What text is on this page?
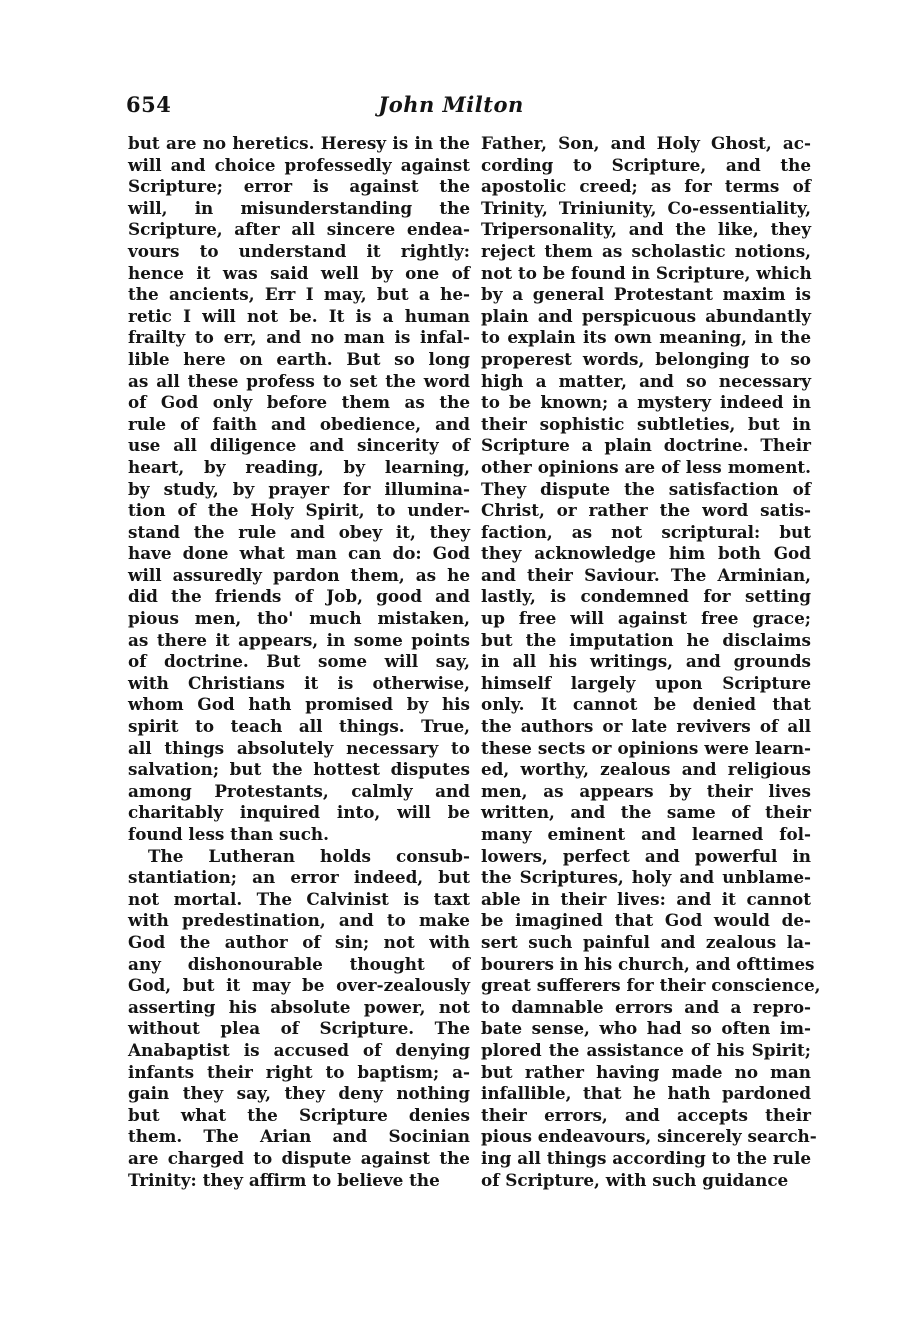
654	John Milton
but are no heretics. Heresy is in the
will and choice professedly against
Scripture; error is against the
will, in misunderstanding the
Scripture, after all sincere endea-
vours to understand it rightly:
hence it was said well by one of
the ancients, Err I may, but a he-
retic I will not be. It is a human
frailty to err, and no man is infal-
lible here on earth. But so long
as all these profess to set the word
of God only before them as the
rule of faith and obedience, and
use all diligence and sincerity of
heart, by reading, by learning,
by study, by prayer for illumina-
tion of the Holy Spirit, to under-
stand the rule and obey it, they
have done what man can do: God
will assuredly pardon them, as he
did the friends of Job, good and
pious men, tho' much mistaken,
as there it appears, in some points
of doctrine. But some will say,
with Christians it is otherwise,
whom God hath promised by his
spirit to teach all things. True,
all things absolutely necessary to
salvation; but the hottest disputes
among Protestants, calmly and
charitably inquired into, will be
found less than such.
The Lutheran holds consub-
stantiation; an error indeed, but
not mortal. The Calvinist is taxt
with predestination, and to make
God the author of sin; not with
any dishonourable thought of
God, but it may be over-zealously
asserting his absolute power, not
without plea of Scripture. The
Anabaptist is accused of denying
infants their right to baptism; a-
gain they say, they deny nothing
but what the Scripture denies
them. The Arian and Socinian
are charged to dispute against the
Trinity: they affirm to believe the
Father, Son, and Holy Ghost, ac-
cording to Scripture, and the
apostolic creed; as for terms of
Trinity, Triniunity, Co-essentiality,
Tripersonality, and the like, they
reject them as scholastic notions,
not to be found in Scripture, which
by a general Protestant maxim is
plain and perspicuous abundantly
to explain its own meaning, in the
properest words, belonging to so
high a matter, and so necessary
to be known; a mystery indeed in
their sophistic subtleties, but in
Scripture a plain doctrine. Their
other opinions are of less moment.
They dispute the satisfaction of
Christ, or rather the word satis-
faction, as not scriptural: but
they acknowledge him both God
and their Saviour. The Arminian,
lastly, is condemned for setting
up free will against free grace;
but the imputation he disclaims
in all his writings, and grounds
himself largely upon Scripture
only. It cannot be denied that
the authors or late revivers of all
these sects or opinions were learn-
ed, worthy, zealous and religious
men, as appears by their lives
written, and the same of their
many eminent and learned fol-
lowers, perfect and powerful in
the Scriptures, holy and unblame-
able in their lives: and it cannot
be imagined that God would de-
sert such painful and zealous la-
bourers in his church, and ofttimes
great sufferers for their conscience,
to damnable errors and a repro-
bate sense, who had so often im-
plored the assistance of his Spirit;
but rather having made no man
infallible, that he hath pardoned
their errors, and accepts their
pious endeavours, sincerely search-
ing all things according to the rule
of Scripture, with such guidance
